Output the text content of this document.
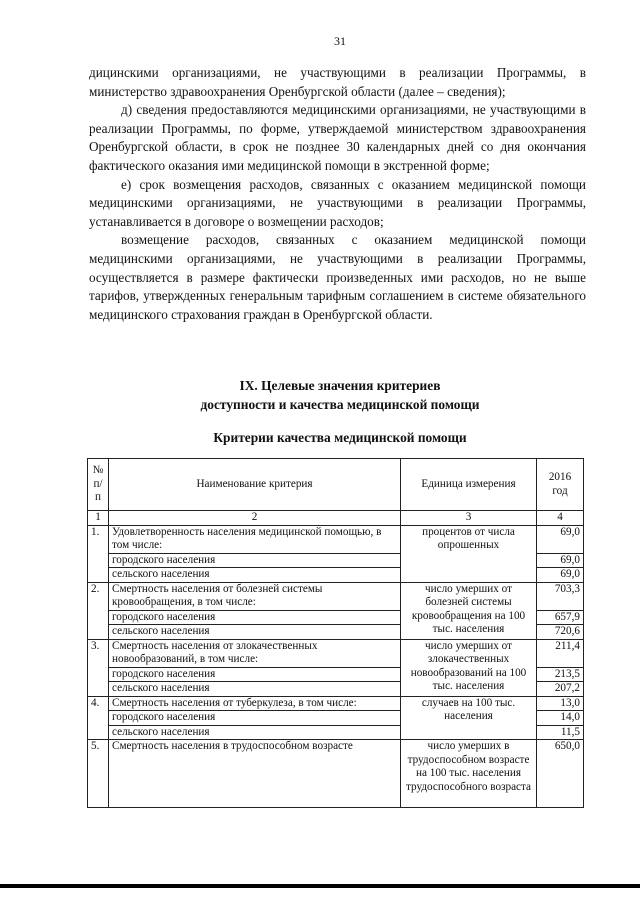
31

дицинскими организациями, не участвующими в реализации Программы, в министерство здравоохранения Оренбургской области (далее – сведения);

д) сведения предоставляются медицинскими организациями, не участвующими в реализации Программы, по форме, утверждаемой министерством здравоохранения Оренбургской области, в срок не позднее 30 календарных дней со дня окончания фактического оказания ими медицинской помощи в экстренной форме;

е) срок возмещения расходов, связанных с оказанием медицинской помощи медицинскими организациями, не участвующими в реализации Программы, устанавливается в договоре о возмещении расходов;

возмещение расходов, связанных с оказанием медицинской помощи медицинскими организациями, не участвующими в реализации Программы, осуществляется в размере фактически произведенных ими расходов, но не выше тарифов, утвержденных генеральным тарифным соглашением в системе обязательного медицинского страхования граждан в Оренбургской области.

IX. Целевые значения критериев
доступности и качества медицинской помощи
Критерии качества медицинской помощи
№ п/п	Наименование критерия	Единица измерения	2016 год
1	2	3	4
1.	Удовлетворенность населения медицинской помощью, в том числе:	процентов от числа опрошенных	69,0
	городского населения		69,0
	сельского населения		69,0
2.	Смертность населения от болезней системы кровообращения, в том числе:	число умерших от болезней системы кровообращения на 100 тыс. населения	703,3
	городского населения		657,9
	сельского населения		720,6
3.	Смертность населения от злокачественных новообразований, в том числе:	число умерших от злокачественных новообразований на 100 тыс. населения	211,4
	городского населения		213,5
	сельского населения		207,2
4.	Смертность населения от туберкулеза, в том числе:	случаев на 100 тыс. населения	13,0
	городского населения		14,0
	сельского населения		11,5
5.	Смертность населения в трудоспособном возрасте	число умерших в трудоспособном возрасте на 100 тыс. населения трудоспособного возраста	650,0
